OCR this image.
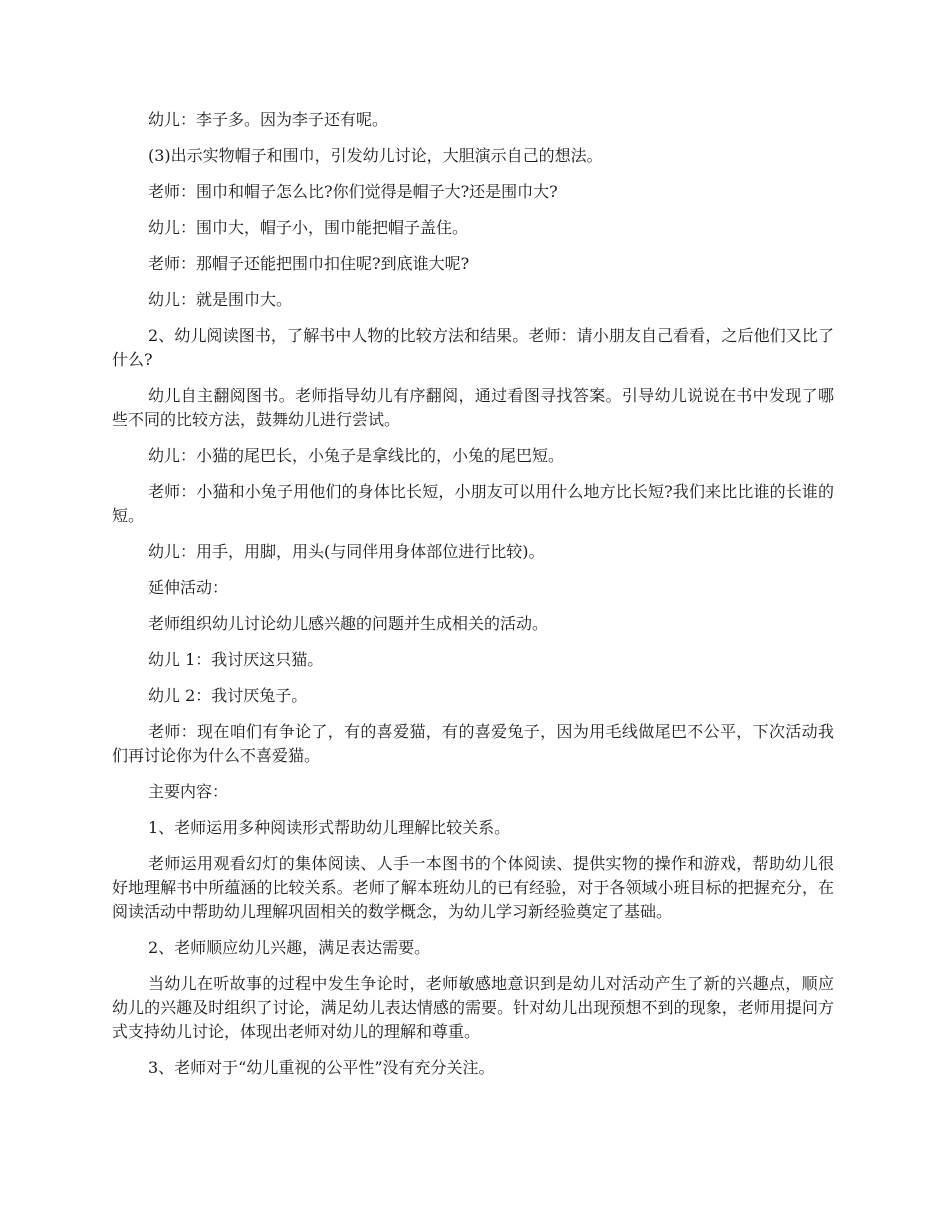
幼儿：李子多。因为李子还有呢。

(3)出示实物帽子和围巾，引发幼儿讨论，大胆演示自己的想法。

老师：围巾和帽子怎么比?你们觉得是帽子大?还是围巾大?

幼儿：围巾大，帽子小，围巾能把帽子盖住。

老师：那帽子还能把围巾扣住呢?到底谁大呢?

幼儿：就是围巾大。

2、幼儿阅读图书，了解书中人物的比较方法和结果。老师：请小朋友自己看看，之后他们又比了什么?

幼儿自主翻阅图书。老师指导幼儿有序翻阅，通过看图寻找答案。引导幼儿说说在书中发现了哪些不同的比较方法，鼓舞幼儿进行尝试。

幼儿：小猫的尾巴长，小兔子是拿线比的，小兔的尾巴短。

老师：小猫和小兔子用他们的身体比长短，小朋友可以用什么地方比长短?我们来比比谁的长谁的短。

幼儿：用手，用脚，用头(与同伴用身体部位进行比较)。

延伸活动：

老师组织幼儿讨论幼儿感兴趣的问题并生成相关的活动。

幼儿 1：我讨厌这只猫。

幼儿 2：我讨厌兔子。

老师：现在咱们有争论了，有的喜爱猫，有的喜爱兔子，因为用毛线做尾巴不公平，下次活动我们再讨论你为什么不喜爱猫。

主要内容：

1、老师运用多种阅读形式帮助幼儿理解比较关系。

老师运用观看幻灯的集体阅读、人手一本图书的个体阅读、提供实物的操作和游戏，帮助幼儿很好地理解书中所蕴涵的比较关系。老师了解本班幼儿的已有经验，对于各领域小班目标的把握充分，在阅读活动中帮助幼儿理解巩固相关的数学概念，为幼儿学习新经验奠定了基础。

2、老师顺应幼儿兴趣，满足表达需要。

当幼儿在听故事的过程中发生争论时，老师敏感地意识到是幼儿对活动产生了新的兴趣点，顺应幼儿的兴趣及时组织了讨论，满足幼儿表达情感的需要。针对幼儿出现预想不到的现象，老师用提问方式支持幼儿讨论，体现出老师对幼儿的理解和尊重。

3、老师对于“幼儿重视的公平性”没有充分关注。
